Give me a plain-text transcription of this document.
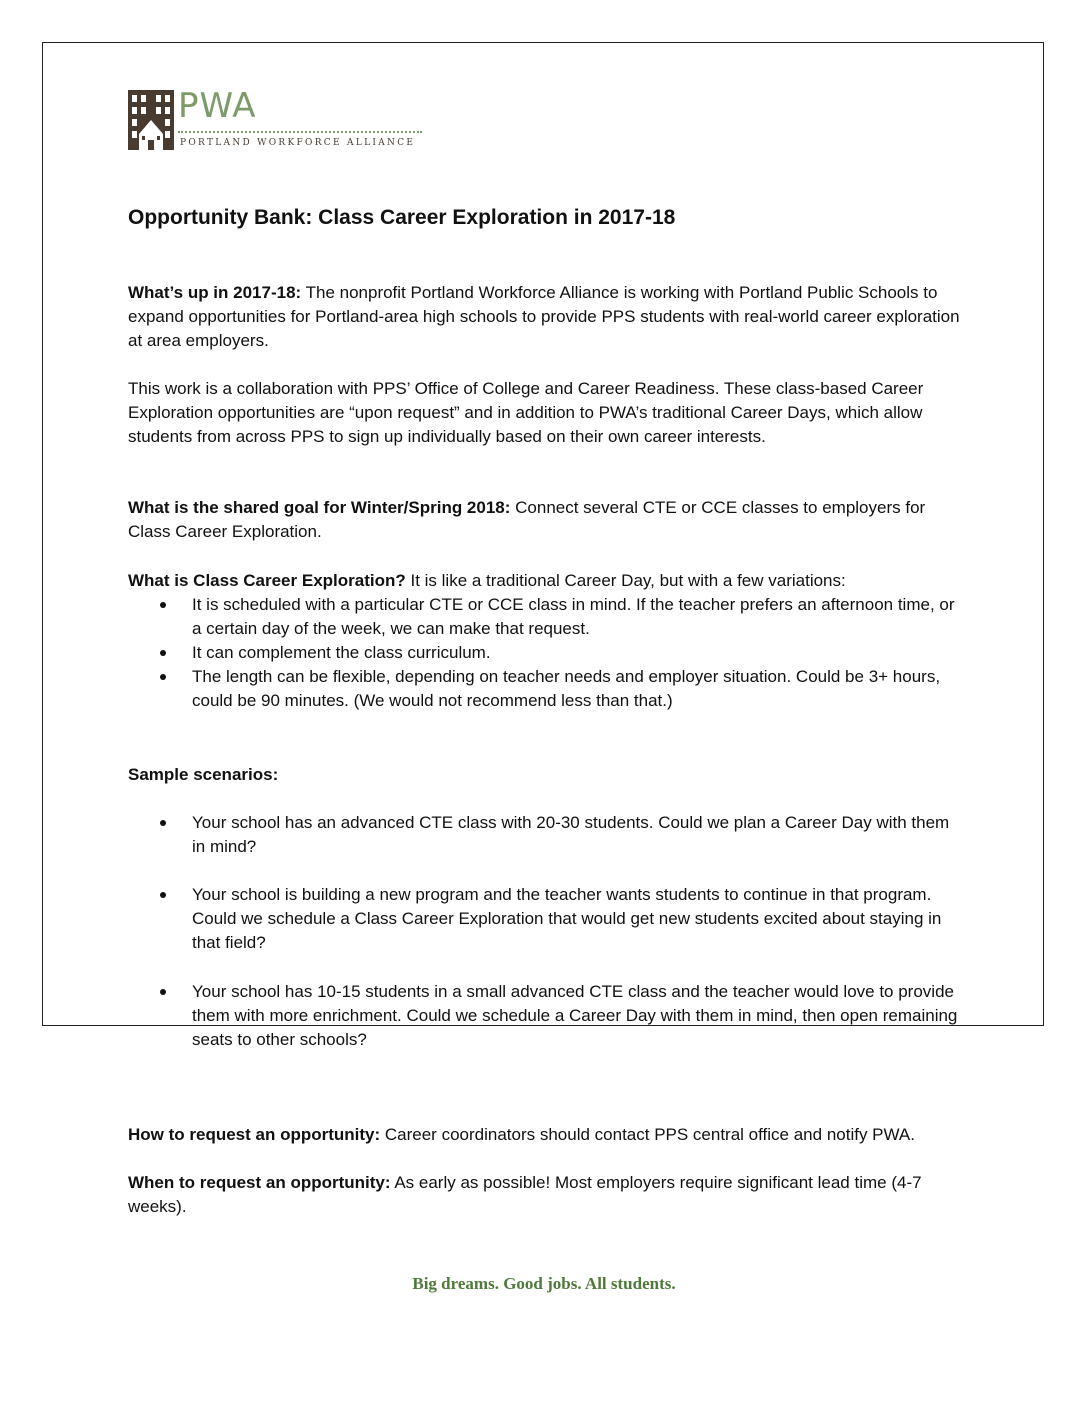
PWA
PORTLAND WORKFORCE ALLIANCE
Opportunity Bank: Class Career Exploration in 2017-18

What’s up in 2017-18: The nonprofit Portland Workforce Alliance is working with Portland Public Schools to expand opportunities for Portland-area high schools to provide PPS students with real-world career exploration at area employers.

This work is a collaboration with PPS’ Office of College and Career Readiness. These class-based Career Exploration opportunities are “upon request” and in addition to PWA’s traditional Career Days, which allow students from across PPS to sign up individually based on their own career interests.

What is the shared goal for Winter/Spring 2018: Connect several CTE or CCE classes to employers for Class Career Exploration.

What is Class Career Exploration? It is like a traditional Career Day, but with a few variations:

It is scheduled with a particular CTE or CCE class in mind. If the teacher prefers an afternoon time, or a certain day of the week, we can make that request.
It can complement the class curriculum.
The length can be flexible, depending on teacher needs and employer situation. Could be 3+ hours, could be 90 minutes. (We would not recommend less than that.)

Sample scenarios:

Your school has an advanced CTE class with 20-30 students. Could we plan a Career Day with them in mind?
Your school is building a new program and the teacher wants students to continue in that program. Could we schedule a Class Career Exploration that would get new students excited about staying in that field?
Your school has 10-15 students in a small advanced CTE class and the teacher would love to provide them with more enrichment. Could we schedule a Career Day with them in mind, then open remaining seats to other schools?

How to request an opportunity: Career coordinators should contact PPS central office and notify PWA.

When to request an opportunity: As early as possible! Most employers require significant lead time (4-7 weeks).

Big dreams. Good jobs. All students.
